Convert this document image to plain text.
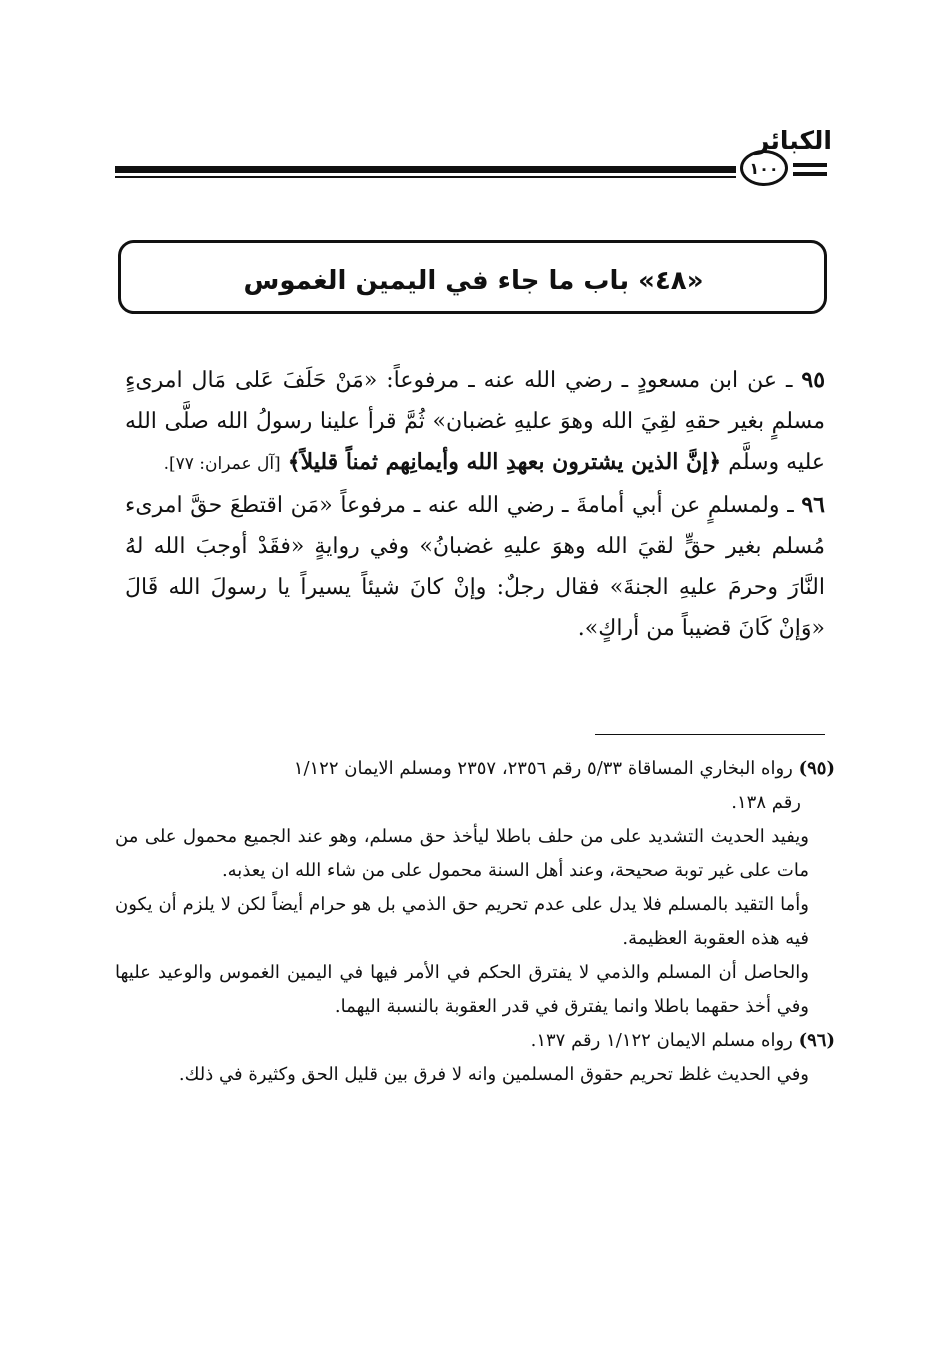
الكبائر
١٠٠
«٤٨» باب ما جاء في اليمين الغموس

٩٥ ـ عن ابن مسعودٍ ـ رضي الله عنه ـ مرفوعاً: «مَنْ حَلَفَ عَلى مَال امرىءٍ مسلمٍ بغير حقهِ لقِيَ الله وهوَ عليهِ غضبان» ثُمَّ قرأ علينا رسولُ الله صلَّى الله عليه وسلَّم ﴿إنَّ الذين يشترون بعهدِ الله وأيمانِهم ثمناً قليلاً﴾ [آل عمران: ٧٧].

٩٦ ـ ولمسلمٍ عن أبي أمامةَ ـ رضي الله عنه ـ مرفوعاً «مَن اقتطعَ حقَّ امرىء مُسلم بغير حقٍّ لقيَ الله وهوَ عليهِ غضبانُ» وفي روايةٍ «فقَدْ أوجبَ الله لهُ النَّارَ وحرمَ عليهِ الجنةَ» فقال رجلٌ: وإنْ كانَ شيئاً يسيراً يا رسولَ الله قَالَ «وَإنْ كَانَ قضيباً من أراكٍ».

(٩٥) رواه البخاري المساقاة ٥/٣٣ رقم ٢٣٥٦، ٢٣٥٧ ومسلم الايمان ١/١٢٢

رقم ١٣٨.

ويفيد الحديث التشديد على من حلف باطلا ليأخذ حق مسلم، وهو عند الجميع محمول على من مات على غير توبة صحيحة، وعند أهل السنة محمول على من شاء الله ان يعذبه.

وأما التقيد بالمسلم فلا يدل على عدم تحريم حق الذمي بل هو حرام أيضاً لكن لا يلزم أن يكون فيه هذه العقوبة العظيمة.

والحاصل أن المسلم والذمي لا يفترق الحكم في الأمر فيها في اليمين الغموس والوعيد عليها وفي أخذ حقهما باطلا وانما يفترق في قدر العقوبة بالنسبة اليهما.

(٩٦) رواه مسلم الايمان ١/١٢٢ رقم ١٣٧.

وفي الحديث غلظ تحريم حقوق المسلمين وانه لا فرق بين قليل الحق وكثيرة في ذلك.
